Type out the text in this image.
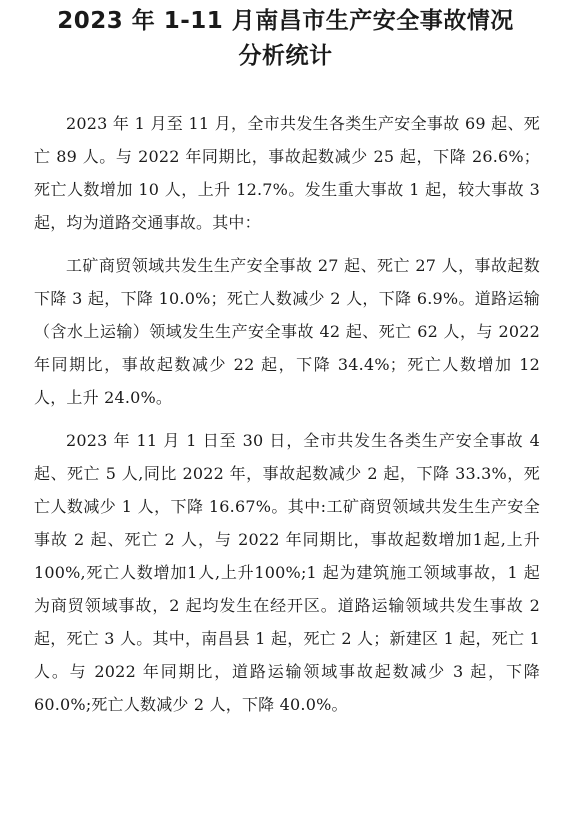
2023 年 1-11 月南昌市生产安全事故情况
分析统计

2023 年 1 月至 11 月，全市共发生各类生产安全事故 69 起、死亡 89 人。与 2022 年同期比，事故起数减少 25 起，下降 26.6%；死亡人数增加 10 人，上升 12.7%。发生重大事故 1 起，较大事故 3 起，均为道路交通事故。其中：

工矿商贸领域共发生生产安全事故 27 起、死亡 27 人，事故起数下降 3 起，下降 10.0%；死亡人数减少 2 人，下降 6.9%。道路运输（含水上运输）领域发生生产安全事故 42 起、死亡 62 人，与 2022 年同期比，事故起数减少 22 起，下降 34.4%；死亡人数增加 12 人，上升 24.0%。

2023 年 11 月 1 日至 30 日，全市共发生各类生产安全事故 4 起、死亡 5 人,同比 2022 年，事故起数减少 2 起，下降 33.3%，死亡人数减少 1 人，下降 16.67%。其中:工矿商贸领域共发生生产安全事故 2 起、死亡 2 人，与 2022 年同期比，事故起数增加1起,上升100%,死亡人数增加1人,上升100%;1 起为建筑施工领域事故，1 起为商贸领域事故，2 起均发生在经开区。道路运输领域共发生事故 2 起，死亡 3 人。其中，南昌县 1 起，死亡 2 人；新建区 1 起，死亡 1 人。与 2022 年同期比，道路运输领域事故起数减少 3 起，下降 60.0%;死亡人数减少 2 人，下降 40.0%。
